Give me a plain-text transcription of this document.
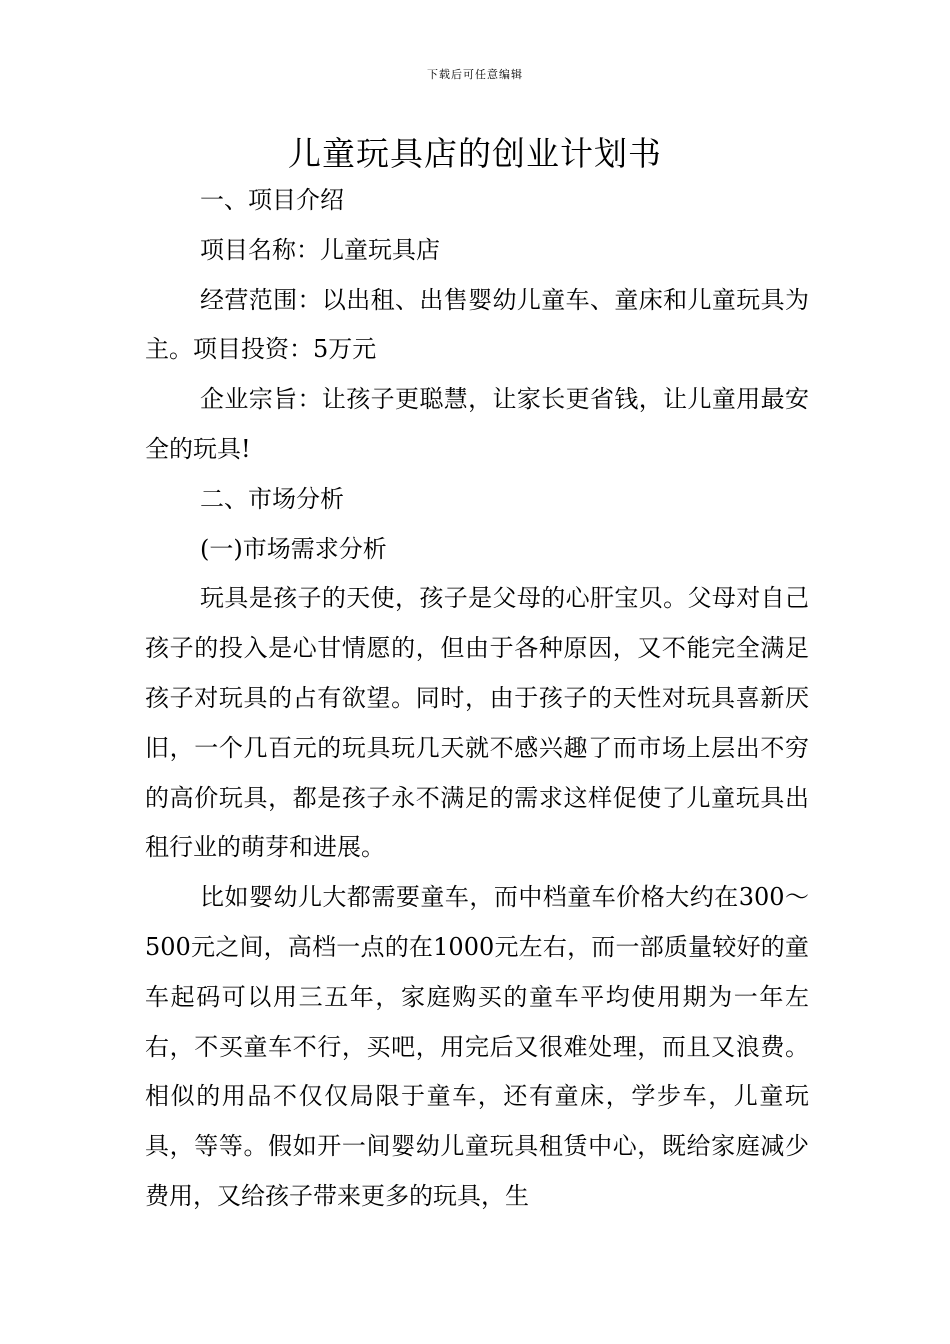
下载后可任意编辑
儿童玩具店的创业计划书

一、项目介绍

项目名称：儿童玩具店

经营范围：以出租、出售婴幼儿童车、童床和儿童玩具为主。项目投资：5万元

企业宗旨：让孩子更聪慧，让家长更省钱，让儿童用最安全的玩具!

二、市场分析

(一)市场需求分析

玩具是孩子的天使，孩子是父母的心肝宝贝。父母对自己孩子的投入是心甘情愿的，但由于各种原因，又不能完全满足孩子对玩具的占有欲望。同时，由于孩子的天性对玩具喜新厌旧，一个几百元的玩具玩几天就不感兴趣了而市场上层出不穷的高价玩具，都是孩子永不满足的需求这样促使了儿童玩具出租行业的萌芽和进展。

比如婴幼儿大都需要童车，而中档童车价格大约在300～500元之间，高档一点的在1000元左右，而一部质量较好的童车起码可以用三五年，家庭购买的童车平均使用期为一年左右，不买童车不行，买吧，用完后又很难处理，而且又浪费。相似的用品不仅仅局限于童车，还有童床，学步车，儿童玩具，等等。假如开一间婴幼儿童玩具租赁中心，既给家庭减少费用，又给孩子带来更多的玩具，生
